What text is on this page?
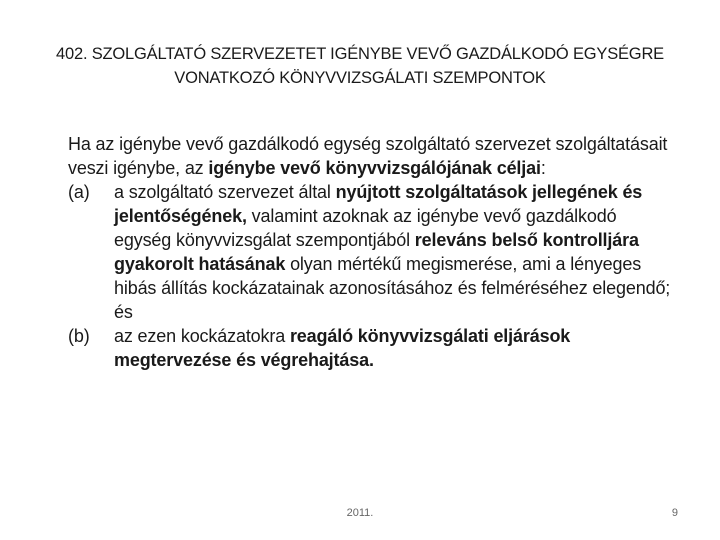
402. SZOLGÁLTATÓ SZERVEZETET IGÉNYBE VEVŐ GAZDÁLKODÓ EGYSÉGRE
VONATKOZÓ KÖNYVVIZSGÁLATI SZEMPONTOK

Ha az igénybe vevő gazdálkodó egység szolgáltató szervezet szolgáltatásait veszi igénybe, az igénybe vevő könyvvizsgálójának céljai:

(a) a szolgáltató szervezet által nyújtott szolgáltatások jellegének és jelentőségének, valamint azoknak az igénybe vevő gazdálkodó egység könyvvizsgálat szempontjából releváns belső kontrolljára gyakorolt hatásának olyan mértékű megismerése, ami a lényeges hibás állítás kockázatainak azonosításához és felméréséhez elegendő; és

(b) az ezen kockázatokra reagáló könyvvizsgálati eljárások megtervezése és végrehajtása.

2011.	9
